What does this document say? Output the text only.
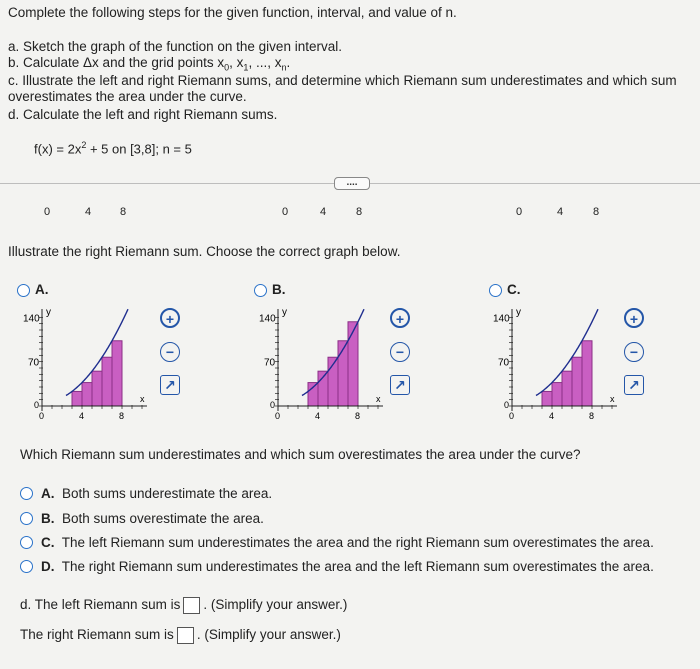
Complete the following steps for the given function, interval, and value of n.
a. Sketch the graph of the function on the given interval.
b. Calculate Δx and the grid points $x_0$, $x_1$, ..., $x_n$.
c. Illustrate the left and right Riemann sums, and determine which Riemann sum underestimates and which sum
overestimates the area under the curve.
d. Calculate the left and right Riemann sums.
$f(x) = 2x^2 + 5$ on [3,8]; n = 5
....
0	4	8	0	4	8	0	4	8
Illustrate the right Riemann sum. Choose the correct graph below.
A.
140
70
0
y
x
0	4	8
+
−
↗
B.
140
70
0
y
x
0	4	8
+
−
↗
C.
140
70
0
y
x
0	4	8
+
−
↗
Which Riemann sum underestimates and which sum overestimates the area under the curve?
A. Both sums underestimate the area.
B. Both sums overestimate the area.
C. The left Riemann sum underestimates the area and the right Riemann sum overestimates the area.
D. The right Riemann sum underestimates the area and the left Riemann sum overestimates the area.
d. The left Riemann sum is . (Simplify your answer.)
The right Riemann sum is . (Simplify your answer.)
